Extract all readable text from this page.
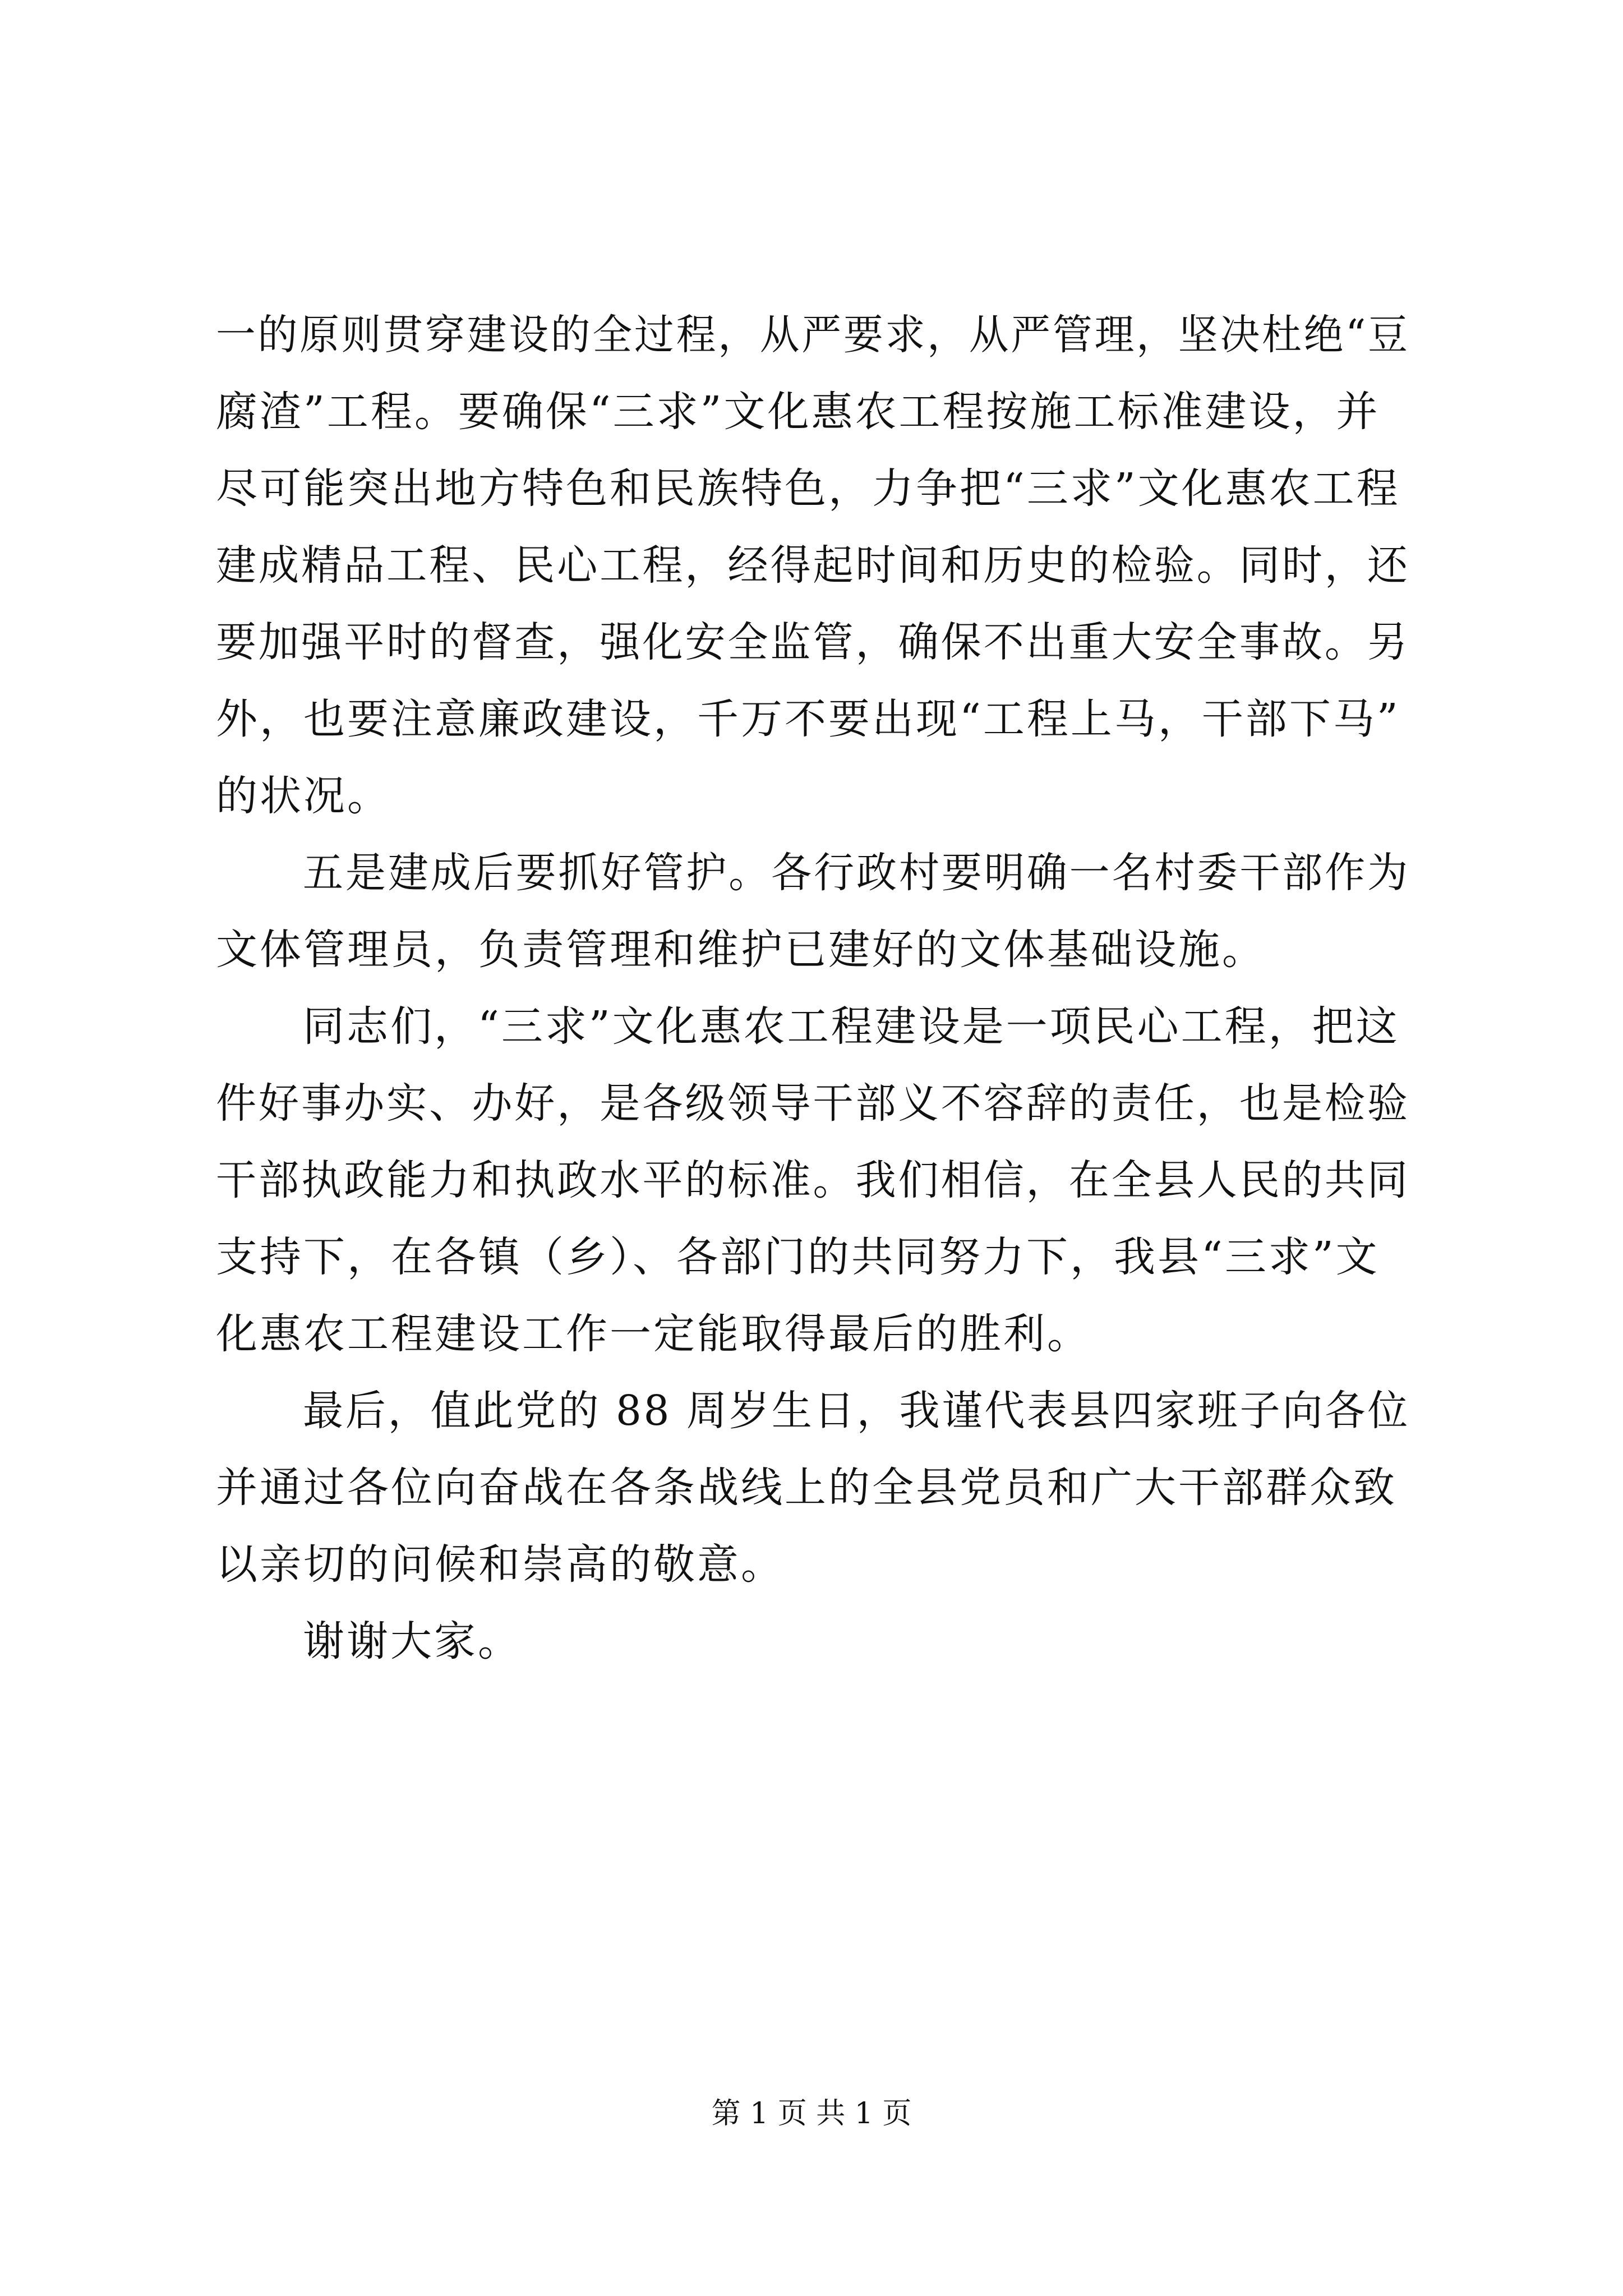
一的原则贯穿建设的全过程，从严要求，从严管理，坚决杜绝“豆
腐渣”工程。要确保“三求”文化惠农工程按施工标准建设，并
尽可能突出地方特色和民族特色，力争把“三求”文化惠农工程
建成精品工程、民心工程，经得起时间和历史的检验。同时，还
要加强平时的督查，强化安全监管，确保不出重大安全事故。另
外，也要注意廉政建设，千万不要出现“工程上马，干部下马”
的状况。
五是建成后要抓好管护。各行政村要明确一名村委干部作为
文体管理员，负责管理和维护已建好的文体基础设施。
同志们，“三求”文化惠农工程建设是一项民心工程，把这
件好事办实、办好，是各级领导干部义不容辞的责任，也是检验
干部执政能力和执政水平的标准。我们相信，在全县人民的共同
支持下，在各镇（乡）、各部门的共同努力下，我县“三求”文
化惠农工程建设工作一定能取得最后的胜利。
最后，值此党的 88 周岁生日，我谨代表县四家班子向各位
并通过各位向奋战在各条战线上的全县党员和广大干部群众致
以亲切的问候和崇高的敬意。
谢谢大家。
第 1 页 共 1 页
